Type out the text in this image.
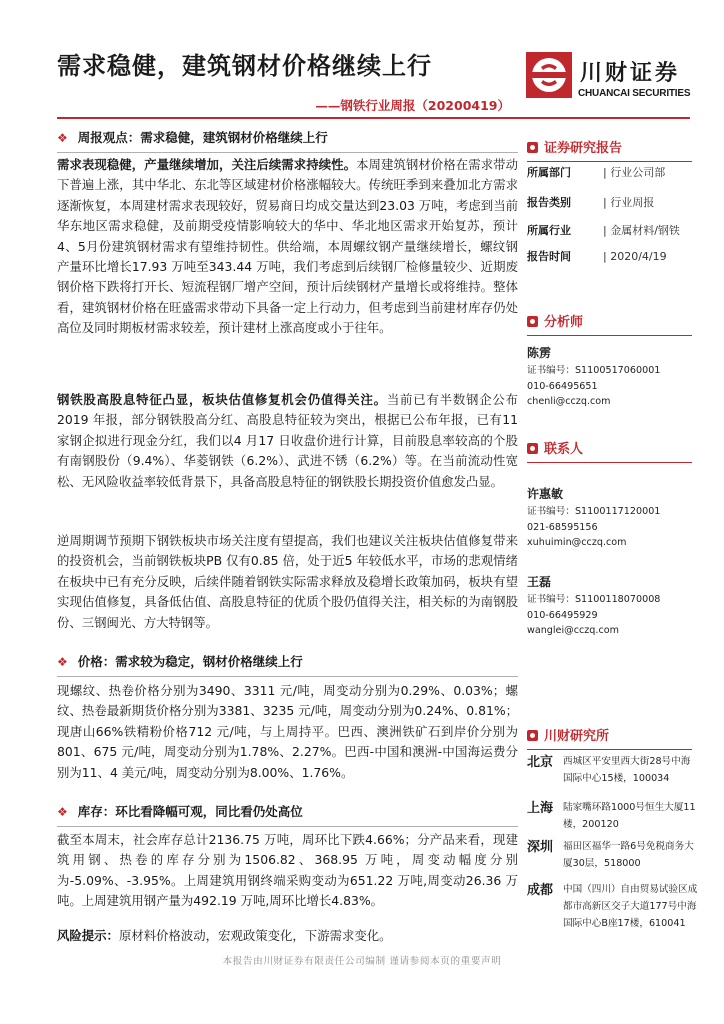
需求稳健，建筑钢材价格继续上行
——钢铁行业周报（20200419）
川财证券
CHUANCAI SECURITIES
❖ 周报观点：需求稳健，建筑钢材价格继续上行

需求表现稳健，产量继续增加，关注后续需求持续性。本周建筑钢材价格在需求带动下普遍上涨，其中华北、东北等区域建材价格涨幅较大。传统旺季到来叠加北方需求逐渐恢复，本周建材需求表现较好，贸易商日均成交量达到23.03 万吨，考虑到当前华东地区需求稳健，及前期受疫情影响较大的华中、华北地区需求开始复苏，预计4、5月份建筑钢材需求有望维持韧性。供给端，本周螺纹钢产量继续增长，螺纹钢产量环比增长17.93 万吨至343.44 万吨，我们考虑到后续钢厂检修量较少、近期废钢价格下跌将打开长、短流程钢厂增产空间，预计后续钢材产量增长或将维持。整体看，建筑钢材价格在旺盛需求带动下具备一定上行动力，但考虑到当前建材库存仍处高位及同时期板材需求较差，预计建材上涨高度或小于往年。

钢铁股高股息特征凸显，板块估值修复机会仍值得关注。当前已有半数钢企公布2019 年报，部分钢铁股高分红、高股息特征较为突出，根据已公布年报，已有11 家钢企拟进行现金分红，我们以4 月17 日收盘价进行计算，目前股息率较高的个股有南钢股份（9.4%）、华菱钢铁（6.2%）、武进不锈（6.2%）等。在当前流动性宽松、无风险收益率较低背景下，具备高股息特征的钢铁股长期投资价值愈发凸显。

逆周期调节预期下钢铁板块市场关注度有望提高，我们也建议关注板块估值修复带来的投资机会，当前钢铁板块PB 仅有0.85 倍，处于近5 年较低水平，市场的悲观情绪在板块中已有充分反映，后续伴随着钢铁实际需求释放及稳增长政策加码，板块有望实现估值修复，具备低估值、高股息特征的优质个股仍值得关注，相关标的为南钢股份、三钢闽光、方大特钢等。

❖ 价格：需求较为稳定，钢材价格继续上行

现螺纹、热卷价格分别为3490、3311 元/吨，周变动分别为0.29%、0.03%；螺纹、热卷最新期货价格分别为3381、3235 元/吨，周变动分别为0.24%、0.81%；现唐山66%铁精粉价格712 元/吨，与上周持平。巴西、澳洲铁矿石到岸价分别为801、675 元/吨，周变动分别为1.78%、2.27%。巴西-中国和澳洲-中国海运费分别为11、4 美元/吨，周变动分别为8.00%、1.76%。

❖ 库存：环比看降幅可观，同比看仍处高位

截至本周末，社会库存总计2136.75 万吨，周环比下跌4.66%；分产品来看，现建筑用钢、热卷的库存分别为1506.82、368.95 万吨，周变动幅度分别为-5.09%、-3.95%。上周建筑用钢终端采购变动为651.22 万吨,周变动26.36 万吨。上周建筑用钢产量为492.19 万吨,周环比增长4.83%。

风险提示：原材料价格波动，宏观政策变化，下游需求变化。

证券研究报告
所属部门	| 行业公司部
报告类别	| 行业周报
所属行业	| 金属材料/钢铁
报告时间	| 2020/4/19
分析师
陈雳
证书编号：S1100517060001
010-66495651
chenli@cczq.com
联系人
许惠敏
证书编号：S1100117120001
021-68595156
xuhuimin@cczq.com
王磊
证书编号：S1100118070008
010-66495929
wanglei@cczq.com
川财研究所
北京 西城区平安里西大街28号中海国际中心15楼，100034
上海 陆家嘴环路1000号恒生大厦11楼，200120
深圳 福田区福华一路6号免税商务大厦30层，518000
成都 中国（四川）自由贸易试验区成都市高新区交子大道177号中海国际中心B座17楼，610041
本报告由川财证券有限责任公司编制 谨请参阅本页的重要声明
